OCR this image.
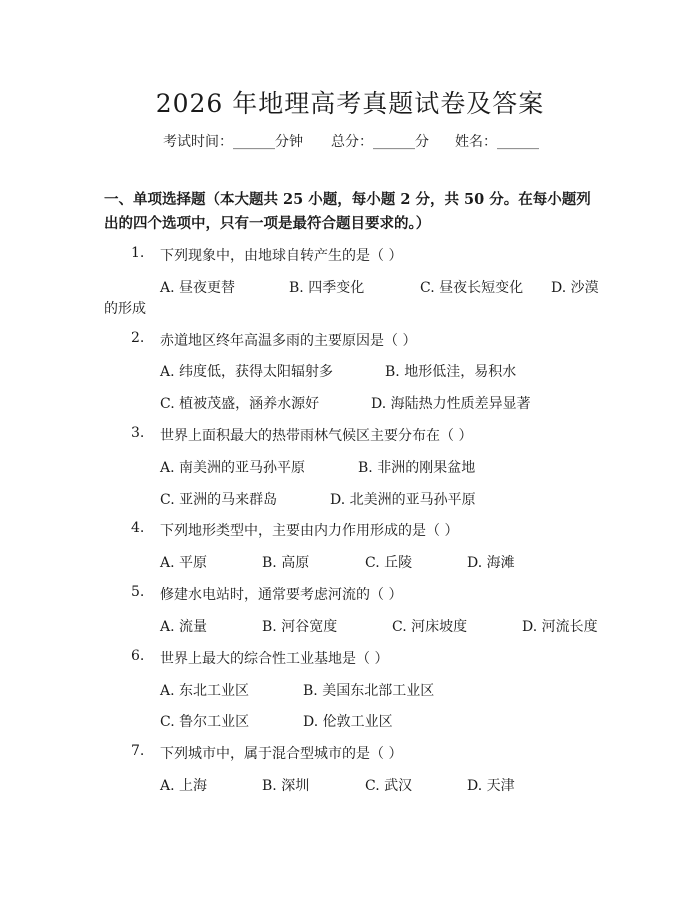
2026 年地理高考真题试卷及答案

考试时间：______分钟

总分：______分

姓名：______

一、单项选择题（本大题共 25 小题，每小题 2 分，共 50 分。在每小题列出的四个选项中，只有一项是最符合题目要求的。）
1. 下列现象中，由地球自转产生的是（ ）
A. 昼夜更替	B. 四季变化	C. 昼夜长短变化 D. 沙漠
的形成
2. 赤道地区终年高温多雨的主要原因是（ ）
A. 纬度低，获得太阳辐射多	B. 地形低洼，易积水
C. 植被茂盛，涵养水源好	D. 海陆热力性质差异显著
3. 世界上面积最大的热带雨林气候区主要分布在（ ）
A. 南美洲的亚马孙平原	B. 非洲的刚果盆地
C. 亚洲的马来群岛	D. 北美洲的亚马孙平原
4. 下列地形类型中，主要由内力作用形成的是（ ）
A. 平原	B. 高原	C. 丘陵	D. 海滩
5. 修建水电站时，通常要考虑河流的（ ）
A. 流量	B. 河谷宽度	C. 河床坡度	D. 河流长度
6. 世界上最大的综合性工业基地是（ ）
A. 东北工业区	B. 美国东北部工业区
C. 鲁尔工业区	D. 伦敦工业区
7. 下列城市中，属于混合型城市的是（ ）
A. 上海	B. 深圳	C. 武汉	D. 天津
